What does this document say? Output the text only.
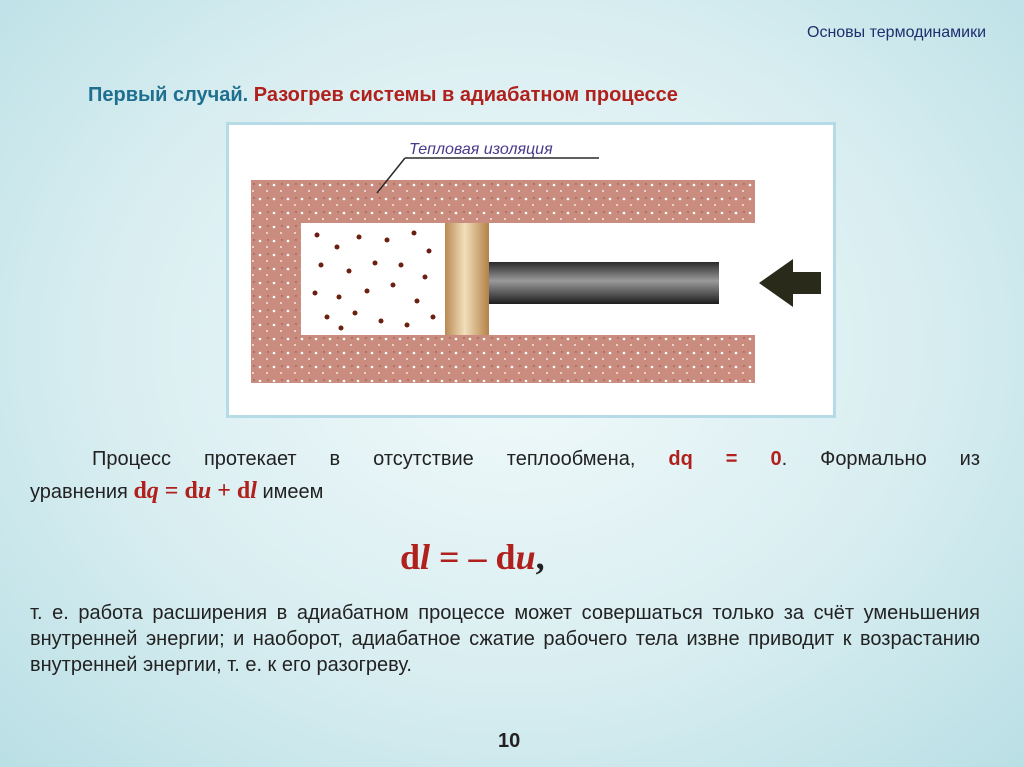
Основы термодинамики
Первый случай. Разогрев системы в адиабатном процессе
Тепловая изоляция
Процесс протекает в отсутствие теплообмена, dq = 0. Формально из
уравнения dq = du + dl имеем
dl = – du,
т. е. работа расширения в адиабатном процессе может совершаться только за счёт уменьшения внутренней энергии; и наоборот, адиабатное сжатие рабочего тела извне приводит к возрастанию внутренней энергии, т. е. к его разогреву.
10
